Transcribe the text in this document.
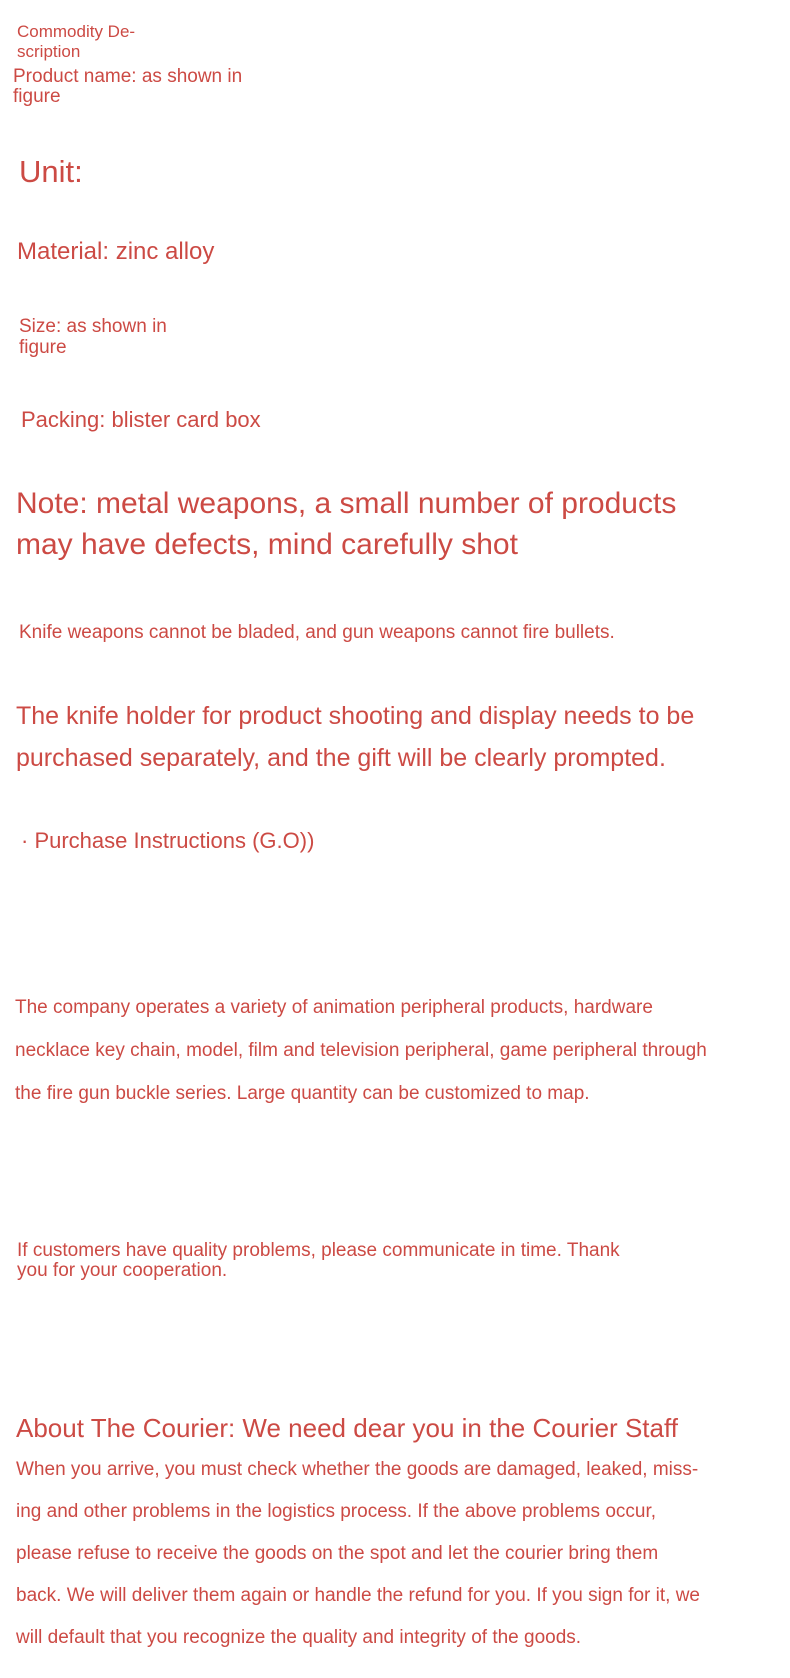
Commodity De-
scription

Product name: as shown in
figure

Unit:

Material: zinc alloy

Size: as shown in
figure

Packing: blister card box

Note: metal weapons, a small number of products
may have defects, mind carefully shot

Knife weapons cannot be bladed, and gun weapons cannot fire bullets.

The knife holder for product shooting and display needs to be
purchased separately, and the gift will be clearly prompted.

· Purchase Instructions (G.O))

The company operates a variety of animation peripheral products, hardware
necklace key chain, model, film and television peripheral, game peripheral through
the fire gun buckle series. Large quantity can be customized to map.

If customers have quality problems, please communicate in time. Thank
you for your cooperation.

About The Courier: We need dear you in the Courier Staff

When you arrive, you must check whether the goods are damaged, leaked, miss-
ing and other problems in the logistics process. If the above problems occur,
please refuse to receive the goods on the spot and let the courier bring them
back. We will deliver them again or handle the refund for you. If you sign for it, we
will default that you recognize the quality and integrity of the goods.
